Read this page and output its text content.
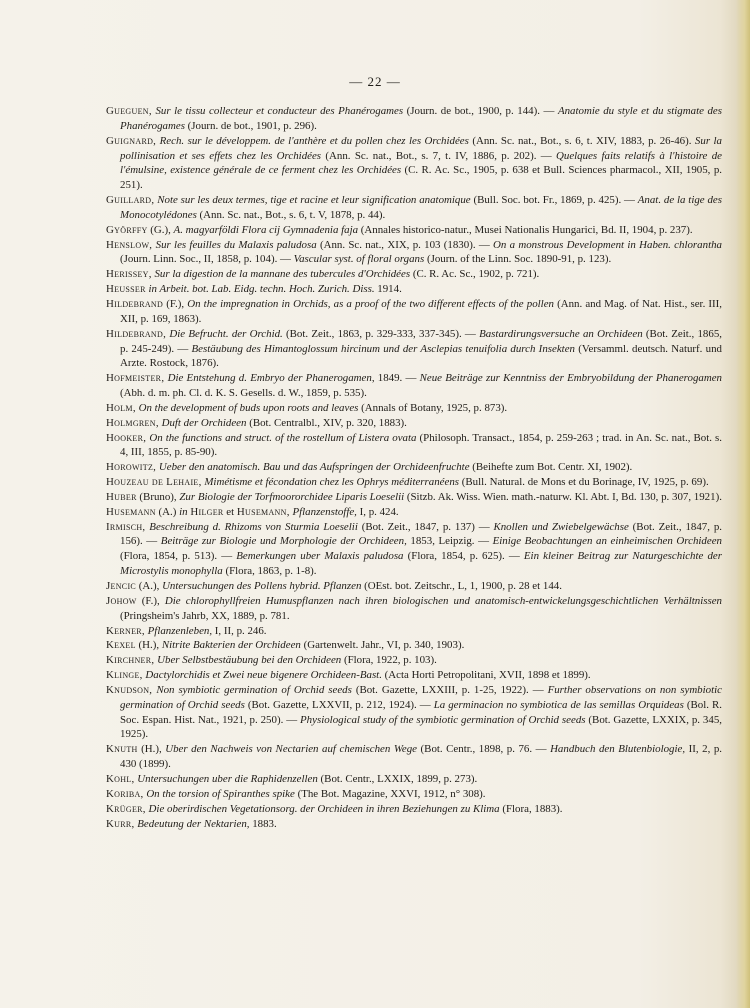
— 22 —
Gueguen, Sur le tissu collecteur et conducteur des Phanérogames (Journ. de bot., 1900, p. 144). — Anatomie du style et du stigmate des Phanérogames (Journ. de bot., 1901, p. 296).
Guignard, Rech. sur le développem. de l'anthère et du pollen chez les Orchidées (Ann. Sc. nat., Bot., s. 6, t. XIV, 1883, p. 26-46). Sur la pollinisation et ses effets chez les Orchidées (Ann. Sc. nat., Bot., s. 7, t. IV, 1886, p. 202). — Quelques faits relatifs à l'histoire de l'émulsine, existence générale de ce ferment chez les Orchidées (C. R. Ac. Sc., 1905, p. 638 et Bull. Sciences pharmacol., XII, 1905, p. 251).
Guillard, Note sur les deux termes, tige et racine et leur signification anatomique (Bull. Soc. bot. Fr., 1869, p. 425). — Anat. de la tige des Monocotylédones (Ann. Sc. nat., Bot., s. 6, t. V, 1878, p. 44).
Györffy (G.), A. magyarföldi Flora cij Gymnadenia faja (Annales historico-natur., Musei Nationalis Hungarici, Bd. II, 1904, p. 237).
Henslow, Sur les feuilles du Malaxis paludosa (Ann. Sc. nat., XIX, p. 103 (1830). — On a monstrous Development in Haben. chlorantha (Journ. Linn. Soc., II, 1858, p. 104). — Vascular syst. of floral organs (Journ. of the Linn. Soc. 1890-91, p. 123).
Herissey, Sur la digestion de la mannane des tubercules d'Orchidées (C. R. Ac. Sc., 1902, p. 721).
Heusser in Arbeit. bot. Lab. Eidg. techn. Hoch. Zurich. Diss. 1914.
Hildebrand (F.), On the impregnation in Orchids, as a proof of the two different effects of the pollen (Ann. and Mag. of Nat. Hist., ser. III, XII, p. 169, 1863).
Hildebrand, Die Befrucht. der Orchid. (Bot. Zeit., 1863, p. 329-333, 337-345). — Bastardirungsversuche an Orchideen (Bot. Zeit., 1865, p. 245-249). — Bestäubung des Himantoglossum hircinum und der Asclepias tenuifolia durch Insekten (Versamml. deutsch. Naturf. und Arzte. Rostock, 1876).
Hofmeister, Die Entstehung d. Embryo der Phanerogamen, 1849. — Neue Beiträge zur Kenntniss der Embryobildung der Phanerogamen (Abh. d. m. ph. Cl. d. K. S. Gesells. d. W., 1859, p. 535).
Holm, On the development of buds upon roots and leaves (Annals of Botany, 1925, p. 873).
Holmgren, Duft der Orchideen (Bot. Centralbl., XIV, p. 320, 1883).
Hooker, On the functions and struct. of the rostellum of Listera ovata (Philosoph. Transact., 1854, p. 259-263 ; trad. in An. Sc. nat., Bot. s. 4, III, 1855, p. 85-90).
Horowitz, Ueber den anatomisch. Bau und das Aufspringen der Orchideenfruchte (Beihefte zum Bot. Centr. XI, 1902).
Houzeau de Lehaie, Mimétisme et fécondation chez les Ophrys méditerranéens (Bull. Natural. de Mons et du Borinage, IV, 1925, p. 69).
Huber (Bruno), Zur Biologie der Torfmoororchidee Liparis Loeselii (Sitzb. Ak. Wiss. Wien. math.-naturw. Kl. Abt. I, Bd. 130, p. 307, 1921).
Husemann (A.) in Hilger et Husemann, Pflanzenstoffe, I, p. 424.
Irmisch, Beschreibung d. Rhizoms von Sturmia Loeselii (Bot. Zeit., 1847, p. 137) — Knollen und Zwiebelgewächse (Bot. Zeit., 1847, p. 156). — Beiträge zur Biologie und Morphologie der Orchideen, 1853, Leipzig. — Einige Beobachtungen an einheimischen Orchideen (Flora, 1854, p. 513). — Bemerkungen uber Malaxis paludosa (Flora, 1854, p. 625). — Ein kleiner Beitrag zur Naturgeschichte der Microstylis monophylla (Flora, 1863, p. 1-8).
Jencic (A.), Untersuchungen des Pollens hybrid. Pflanzen (OEst. bot. Zeitschr., L, 1, 1900, p. 28 et 144.
Johow (F.), Die chlorophyllfreien Humuspflanzen nach ihren biologischen und anatomisch-entwickelungsgeschichtlichen Verhältnissen (Pringsheim's Jahrb, XX, 1889, p. 781.
Kerner, Pflanzenleben, I, II, p. 246.
Kexel (H.), Nitrite Bakterien der Orchideen (Gartenwelt. Jahr., VI, p. 340, 1903).
Kirchner, Uber Selbstbestäubung bei den Orchideen (Flora, 1922, p. 103).
Klinge, Dactylorchidis et Zwei neue bigenere Orchideen-Bast. (Acta Horti Petropolitani, XVII, 1898 et 1899).
Knudson, Non symbiotic germination of Orchid seeds (Bot. Gazette, LXXIII, p. 1-25, 1922). — Further observations on non symbiotic germination of Orchid seeds (Bot. Gazette, LXXVII, p. 212, 1924). — La germinacion no symbiotica de las semillas Orquideas (Bol. R. Soc. Espan. Hist. Nat., 1921, p. 250). — Physiological study of the symbiotic germination of Orchid seeds (Bot. Gazette, LXXIX, p. 345, 1925).
Knuth (H.), Uber den Nachweis von Nectarien auf chemischen Wege (Bot. Centr., 1898, p. 76. — Handbuch den Blutenbiologie, II, 2, p. 430 (1899).
Kohl, Untersuchungen uber die Raphidenzellen (Bot. Centr., LXXIX, 1899, p. 273).
Koriba, On the torsion of Spiranthes spike (The Bot. Magazine, XXVI, 1912, n° 308).
Krüger, Die oberirdischen Vegetationsorg. der Orchideen in ihren Beziehungen zu Klima (Flora, 1883).
Kurr, Bedeutung der Nektarien, 1883.
